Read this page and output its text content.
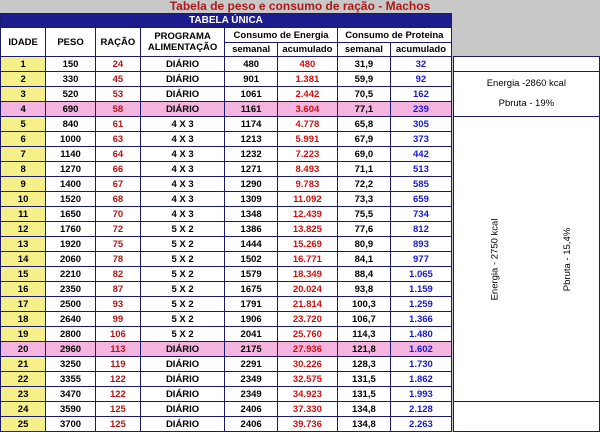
Tabela de peso e consumo de ração - Machos
TABELA ÚNICA									
IDADE	PESO	RAÇÃO	PROGRAMA
ALIMENTAÇÃO	Consumo de Energia		Consumo de Proteina			
				semanal	acumulado	semanal	acumulado		
1	150	24	DIÁRIO	480	480	31,9	32		
2	330	45	DIÁRIO	901	1.381	59,9	92		Energia -2860 kcal
Pbruta - 19%

3	520	53	DIÁRIO	1061	2.442	70,5	162		
4	690	58	DIÁRIO	1161	3.604	77,1	239		
5	840	61	4 X 3	1174	4.778	65,8	305		Energia - 2750 kcal Pbruta - 15,4%

6	1000	63	4 X 3	1213	5.991	67,9	373		
7	1140	64	4 X 3	1232	7.223	69,0	442		
8	1270	66	4 X 3	1271	8.493	71,1	513		
9	1400	67	4 X 3	1290	9.783	72,2	585		
10	1520	68	4 X 3	1309	11.092	73,3	659		
11	1650	70	4 X 3	1348	12.439	75,5	734		
12	1760	72	5 X 2	1386	13.825	77,6	812		
13	1920	75	5 X 2	1444	15.269	80,9	893		
14	2060	78	5 X 2	1502	16.771	84,1	977		
15	2210	82	5 X 2	1579	18.349	88,4	1.065		
16	2350	87	5 X 2	1675	20.024	93,8	1.159		
17	2500	93	5 X 2	1791	21.814	100,3	1.259		
18	2640	99	5 X 2	1906	23.720	106,7	1.366		
19	2800	106	5 X 2	2041	25.760	114,3	1.480		
20	2960	113	DIÁRIO	2175	27.936	121,8	1.602		
21	3250	119	DIÁRIO	2291	30.226	128,3	1.730		
22	3355	122	DIÁRIO	2349	32.575	131,5	1.862		
23	3470	122	DIÁRIO	2349	34.923	131,5	1.993		
24	3590	125	DIÁRIO	2406	37.330	134,8	2.128		
25	3700	125	DIÁRIO	2406	39.736	134,8	2.263		
